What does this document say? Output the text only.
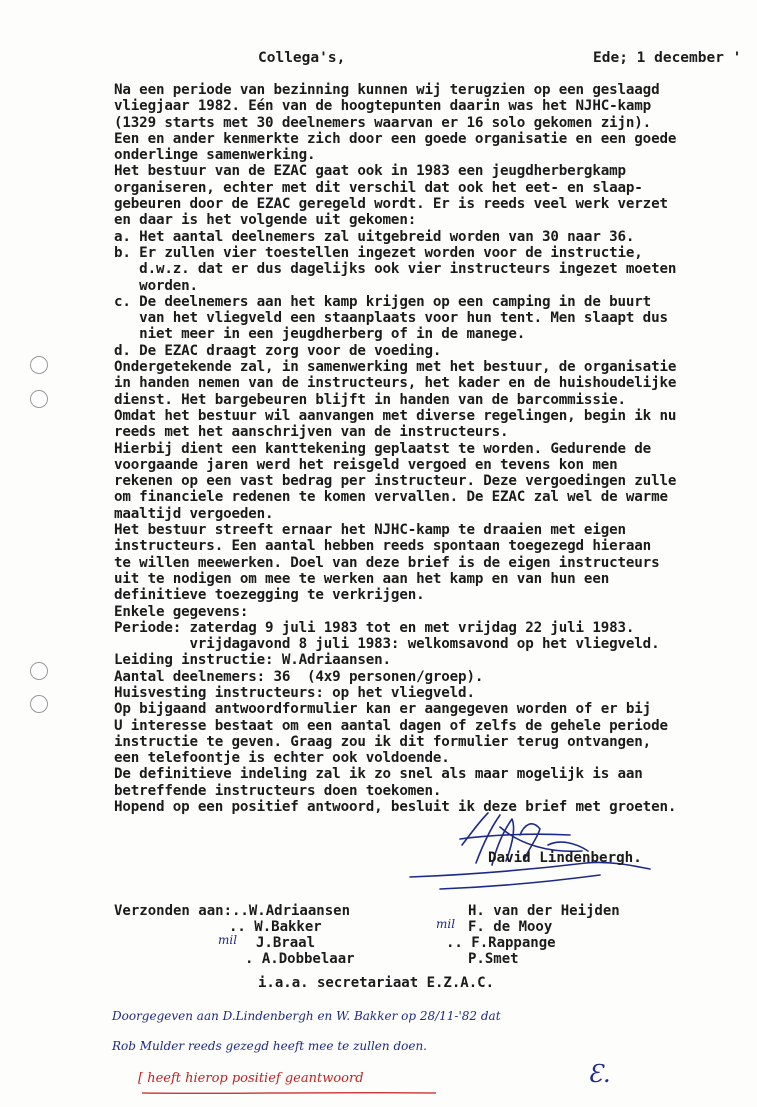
Collega's,	Ede; 1 december '
Na een periode van bezinning kunnen wij terugzien op een geslaagd
vliegjaar 1982. Eén van de hoogtepunten daarin was het NJHC-kamp
(1329 starts met 30 deelnemers waarvan er 16 solo gekomen zijn).
Een en ander kenmerkte zich door een goede organisatie en een goede
onderlinge samenwerking.
Het bestuur van de EZAC gaat ook in 1983 een jeugdherbergkamp
organiseren, echter met dit verschil dat ook het eet- en slaap-
gebeuren door de EZAC geregeld wordt. Er is reeds veel werk verzet
en daar is het volgende uit gekomen:
a. Het aantal deelnemers zal uitgebreid worden van 30 naar 36.
b. Er zullen vier toestellen ingezet worden voor de instructie,
d.w.z. dat er dus dagelijks ook vier instructeurs ingezet moeten
worden.
c. De deelnemers aan het kamp krijgen op een camping in de buurt
van het vliegveld een staanplaats voor hun tent. Men slaapt dus
niet meer in een jeugdherberg of in de manege.
d. De EZAC draagt zorg voor de voeding.
Ondergetekende zal, in samenwerking met het bestuur, de organisatie
in handen nemen van de instructeurs, het kader en de huishoudelijke
dienst. Het bargebeuren blijft in handen van de barcommissie.
Omdat het bestuur wil aanvangen met diverse regelingen, begin ik nu
reeds met het aanschrijven van de instructeurs.
Hierbij dient een kanttekening geplaatst te worden. Gedurende de
voorgaande jaren werd het reisgeld vergoed en tevens kon men
rekenen op een vast bedrag per instructeur. Deze vergoedingen zulle
om financiele redenen te komen vervallen. De EZAC zal wel de warme
maaltijd vergoeden.
Het bestuur streeft ernaar het NJHC-kamp te draaien met eigen
instructeurs. Een aantal hebben reeds spontaan toegezegd hieraan
te willen meewerken. Doel van deze brief is de eigen instructeurs
uit te nodigen om mee te werken aan het kamp en van hun een
definitieve toezegging te verkrijgen.
Enkele gegevens:
Periode: zaterdag 9 juli 1983 tot en met vrijdag 22 juli 1983.
vrijdagavond 8 juli 1983: welkomsavond op het vliegveld.
Leiding instructie: W.Adriaansen.
Aantal deelnemers: 36  (4x9 personen/groep).
Huisvesting instructeurs: op het vliegveld.
Op bijgaand antwoordformulier kan er aangegeven worden of er bij
U interesse bestaat om een aantal dagen of zelfs de gehele periode
instructie te geven. Graag zou ik dit formulier terug ontvangen,
een telefoontje is echter ook voldoende.
De definitieve indeling zal ik zo snel als maar mogelijk is aan
betreffende instructeurs doen toekomen.
Hopend op een positief antwoord, besluit ik deze brief met groeten.
David Lindenbergh.
Verzonden aan:..W.Adriaansen
.. W.Bakker
J.Braal
. A.Dobbelaar
H. van der Heijden
F. de Mooy
.. F.Rappange
P.Smet
mil
mil
i.a.a. secretariaat E.Z.A.C.
Doorgegeven aan D.Lindenbergh en W. Bakker op 28/11-'82 dat
Rob Mulder reeds gezegd heeft mee te zullen doen.
[ heeft hierop positief geantwoord	Ɛ.
